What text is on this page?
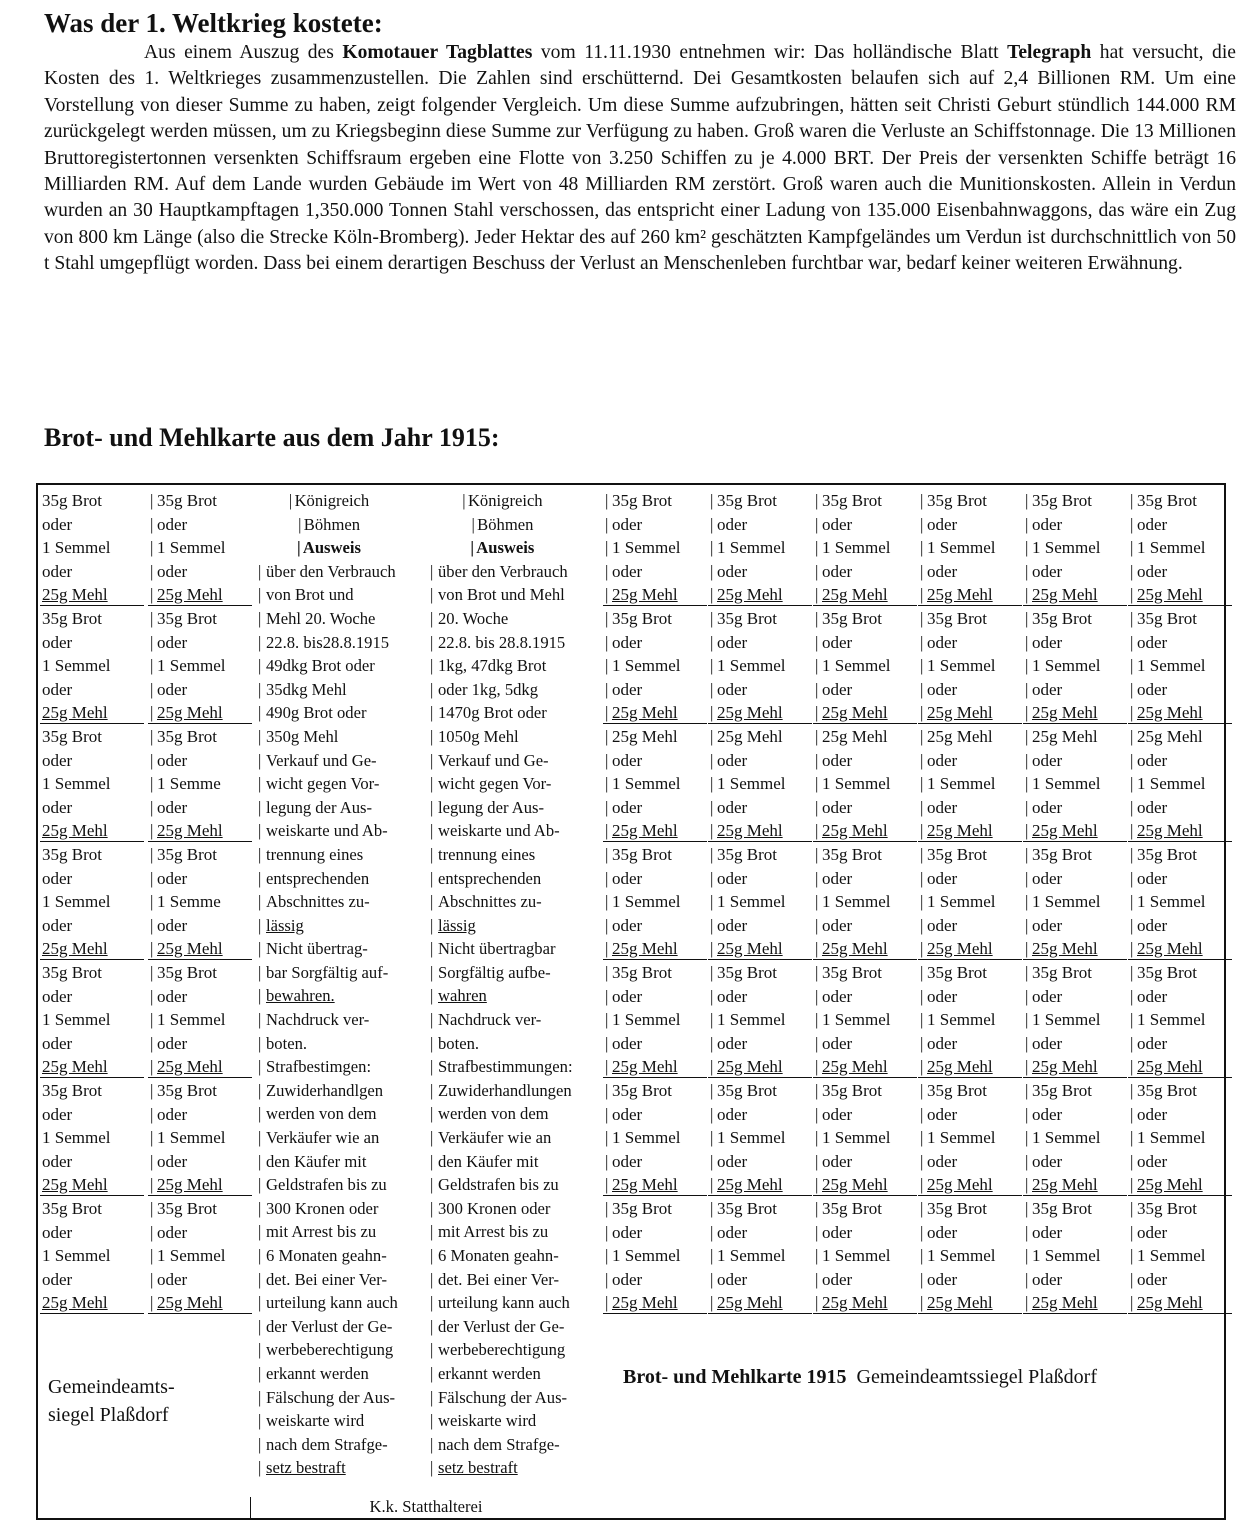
Was der 1. Weltkrieg kostete:

Aus einem Auszug des Komotauer Tagblattes vom 11.11.1930 entnehmen wir: Das holländische Blatt Telegraph hat versucht, die Kosten des 1. Weltkrieges zusammenzustellen. Die Zahlen sind erschütternd. Dei Gesamtkosten belaufen sich auf 2,4 Billionen RM. Um eine Vorstellung von dieser Summe zu haben, zeigt folgender Vergleich. Um diese Summe aufzubringen, hätten seit Christi Geburt stündlich 144.000 RM zurückgelegt werden müssen, um zu Kriegsbeginn diese Summe zur Verfügung zu haben. Groß waren die Verluste an Schiffstonnage. Die 13 Millionen Bruttoregistertonnen versenkten Schiffsraum ergeben eine Flotte von 3.250 Schiffen zu je 4.000 BRT. Der Preis der versenkten Schiffe beträgt 16 Milliarden RM. Auf dem Lande wurden Gebäude im Wert von 48 Milliarden RM zerstört. Groß waren auch die Munitionskosten. Allein in Verdun wurden an 30 Hauptkampftagen 1,350.000 Tonnen Stahl verschossen, das entspricht einer Ladung von 135.000 Eisenbahnwaggons, das wäre ein Zug von 800 km Länge (also die Strecke Köln-Bromberg). Jeder Hektar des auf 260 km² geschätzten Kampfgeländes um Verdun ist durchschnittlich von 50 t Stahl umgepflügt worden. Dass bei einem derartigen Beschuss der Verlust an Menschenleben furchtbar war, bedarf keiner weiteren Erwähnung.

Brot- und Mehlkarte aus dem Jahr 1915:
Gemeindeamts-
siegel Plaßdorf
Brot- und Mehlkarte 1915 Gemeindeamtssiegel Plaßdorf
K.k. Statthalterei
35g Brot
oder
1 Semmel
oder
25g Mehl
| 35g Brot
| oder
| 1 Semmel
| oder
| 25g Mehl
| 35g Brot
| oder
| 1 Semmel
| oder
| 25g Mehl
| 35g Brot
| oder
| 1 Semmel
| oder
| 25g Mehl
| 35g Brot
| oder
| 1 Semmel
| oder
| 25g Mehl
| 35g Brot
| oder
| 1 Semmel
| oder
| 25g Mehl
| 35g Brot
| oder
| 1 Semmel
| oder
| 25g Mehl
| 35g Brot
| oder
| 1 Semmel
| oder
| 25g Mehl
35g Brot
oder
1 Semmel
oder
25g Mehl
| 35g Brot
| oder
| 1 Semmel
| oder
| 25g Mehl
| 35g Brot
| oder
| 1 Semmel
| oder
| 25g Mehl
| 35g Brot
| oder
| 1 Semmel
| oder
| 25g Mehl
| 35g Brot
| oder
| 1 Semmel
| oder
| 25g Mehl
| 35g Brot
| oder
| 1 Semmel
| oder
| 25g Mehl
| 35g Brot
| oder
| 1 Semmel
| oder
| 25g Mehl
| 35g Brot
| oder
| 1 Semmel
| oder
| 25g Mehl
35g Brot
oder
1 Semmel
oder
25g Mehl
| 35g Brot
| oder
| 1 Semme
| oder
| 25g Mehl
| 25g Mehl
| oder
| 1 Semmel
| oder
| 25g Mehl
| 25g Mehl
| oder
| 1 Semmel
| oder
| 25g Mehl
| 25g Mehl
| oder
| 1 Semmel
| oder
| 25g Mehl
| 25g Mehl
| oder
| 1 Semmel
| oder
| 25g Mehl
| 25g Mehl
| oder
| 1 Semmel
| oder
| 25g Mehl
| 25g Mehl
| oder
| 1 Semmel
| oder
| 25g Mehl
35g Brot
oder
1 Semmel
oder
25g Mehl
| 35g Brot
| oder
| 1 Semme
| oder
| 25g Mehl
| 35g Brot
| oder
| 1 Semmel
| oder
| 25g Mehl
| 35g Brot
| oder
| 1 Semmel
| oder
| 25g Mehl
| 35g Brot
| oder
| 1 Semmel
| oder
| 25g Mehl
| 35g Brot
| oder
| 1 Semmel
| oder
| 25g Mehl
| 35g Brot
| oder
| 1 Semmel
| oder
| 25g Mehl
| 35g Brot
| oder
| 1 Semmel
| oder
| 25g Mehl
35g Brot
oder
1 Semmel
oder
25g Mehl
| 35g Brot
| oder
| 1 Semmel
| oder
| 25g Mehl
| 35g Brot
| oder
| 1 Semmel
| oder
| 25g Mehl
| 35g Brot
| oder
| 1 Semmel
| oder
| 25g Mehl
| 35g Brot
| oder
| 1 Semmel
| oder
| 25g Mehl
| 35g Brot
| oder
| 1 Semmel
| oder
| 25g Mehl
| 35g Brot
| oder
| 1 Semmel
| oder
| 25g Mehl
| 35g Brot
| oder
| 1 Semmel
| oder
| 25g Mehl
35g Brot
oder
1 Semmel
oder
25g Mehl
| 35g Brot
| oder
| 1 Semmel
| oder
| 25g Mehl
| 35g Brot
| oder
| 1 Semmel
| oder
| 25g Mehl
| 35g Brot
| oder
| 1 Semmel
| oder
| 25g Mehl
| 35g Brot
| oder
| 1 Semmel
| oder
| 25g Mehl
| 35g Brot
| oder
| 1 Semmel
| oder
| 25g Mehl
| 35g Brot
| oder
| 1 Semmel
| oder
| 25g Mehl
| 35g Brot
| oder
| 1 Semmel
| oder
| 25g Mehl
35g Brot
oder
1 Semmel
oder
25g Mehl
| 35g Brot
| oder
| 1 Semmel
| oder
| 25g Mehl
| 35g Brot
| oder
| 1 Semmel
| oder
| 25g Mehl
| 35g Brot
| oder
| 1 Semmel
| oder
| 25g Mehl
| 35g Brot
| oder
| 1 Semmel
| oder
| 25g Mehl
| 35g Brot
| oder
| 1 Semmel
| oder
| 25g Mehl
| 35g Brot
| oder
| 1 Semmel
| oder
| 25g Mehl
| 35g Brot
| oder
| 1 Semmel
| oder
| 25g Mehl
| Königreich
| Böhmen
| Ausweis
| über den Verbrauch
| von Brot und
| Mehl 20. Woche
| 22.8. bis28.8.1915
| 49dkg Brot oder
| 35dkg Mehl
| 490g Brot oder
| 350g Mehl
| Verkauf und Ge-
| wicht gegen Vor-
| legung der Aus-
| weiskarte und Ab-
| trennung eines
| entsprechenden
| Abschnittes zu-
| lässig
| Nicht übertrag-
| bar Sorgfältig auf-
| bewahren.
| Nachdruck ver-
| boten.
| Strafbestimgen:
| Zuwiderhandlgen
| werden von dem
| Verkäufer wie an
| den Käufer mit
| Geldstrafen bis zu
| 300 Kronen oder
| mit Arrest bis zu
| 6 Monaten geahn-
| det. Bei einer Ver-
| urteilung kann auch
| der Verlust der Ge-
| werbeberechtigung
| erkannt werden
| Fälschung der Aus-
| weiskarte wird
| nach dem Strafge-
| setz bestraft
| Königreich
| Böhmen
| Ausweis
| über den Verbrauch
| von Brot und Mehl
| 20. Woche
| 22.8. bis 28.8.1915
| 1kg, 47dkg Brot
| oder 1kg, 5dkg
| 1470g Brot oder
| 1050g Mehl
| Verkauf und Ge-
| wicht gegen Vor-
| legung der Aus-
| weiskarte und Ab-
| trennung eines
| entsprechenden
| Abschnittes zu-
| lässig
| Nicht übertragbar
| Sorgfältig aufbe-
| wahren
| Nachdruck ver-
| boten.
| Strafbestimmungen:
| Zuwiderhandlungen
| werden von dem
| Verkäufer wie an
| den Käufer mit
| Geldstrafen bis zu
| 300 Kronen oder
| mit Arrest bis zu
| 6 Monaten geahn-
| det. Bei einer Ver-
| urteilung kann auch
| der Verlust der Ge-
| werbeberechtigung
| erkannt werden
| Fälschung der Aus-
| weiskarte wird
| nach dem Strafge-
| setz bestraft
